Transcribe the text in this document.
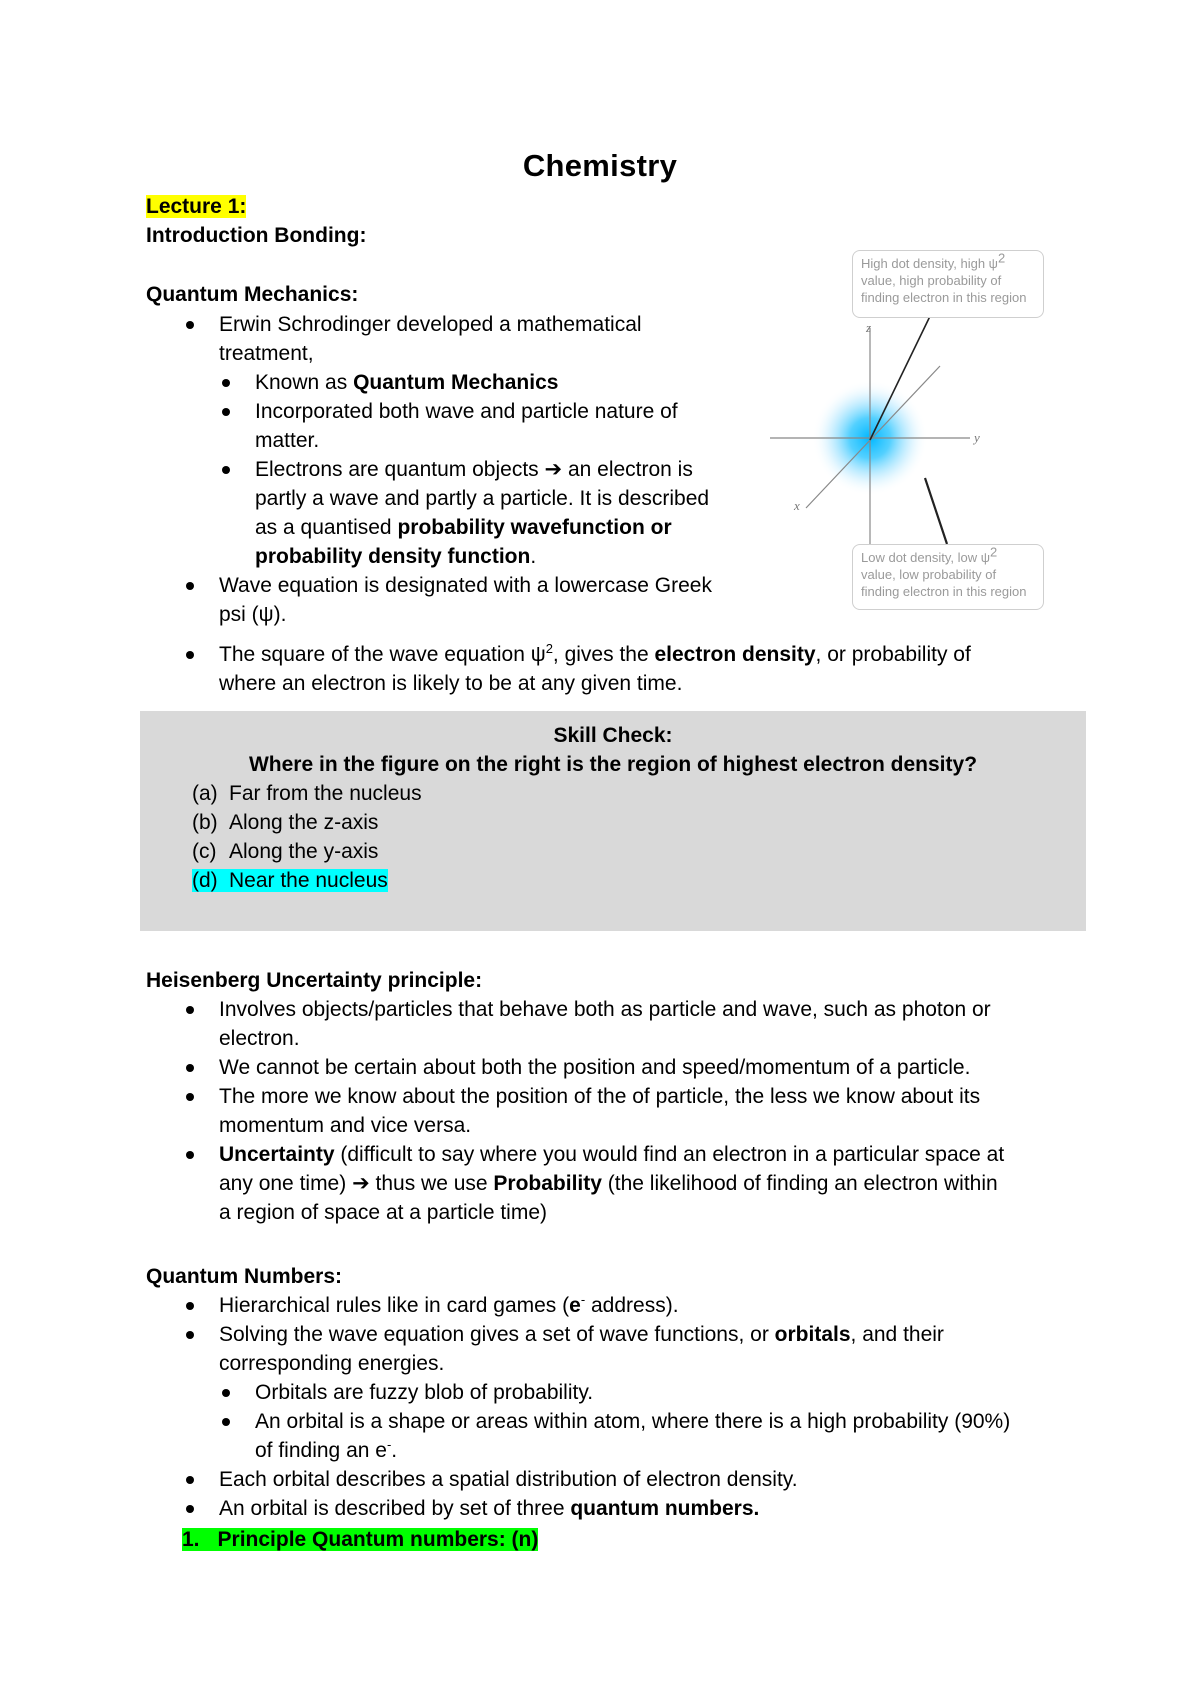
Chemistry
Lecture 1:
Introduction Bonding:
Quantum Mechanics:
Erwin Schrodinger developed a mathematical
treatment,
Known as Quantum Mechanics
Incorporated both wave and particle nature of
matter.
Electrons are quantum objects ➔ an electron is
partly a wave and partly a particle. It is described
as a quantised probability wavefunction or
probability density function.
Wave equation is designated with a lowercase Greek
psi (ψ).
The square of the wave equation $\psi^2$, gives the electron density, or probability of
where an electron is likely to be at any given time.
z
y
x
High dot density, high $\psi^2$
value, high probability of
finding electron in this region
Low dot density, low $\psi^2$
value, low probability of
finding electron in this region
Skill Check:
Where in the figure on the right is the region of highest electron density?
(a) Far from the nucleus
(b) Along the z-axis
(c) Along the y-axis
(d) Near the nucleus
Heisenberg Uncertainty principle:
Involves objects/particles that behave both as particle and wave, such as photon or
electron.
We cannot be certain about both the position and speed/momentum of a particle.
The more we know about the position of the of particle, the less we know about its
momentum and vice versa.
Uncertainty (difficult to say where you would find an electron in a particular space at
any one time) ➔ thus we use Probability (the likelihood of finding an electron within
a region of space at a particle time)
Quantum Numbers:
Hierarchical rules like in card games (e- address).
Solving the wave equation gives a set of wave functions, or orbitals, and their
corresponding energies.
Orbitals are fuzzy blob of probability.
An orbital is a shape or areas within atom, where there is a high probability (90%)
of finding an e-.
Each orbital describes a spatial distribution of electron density.
An orbital is described by set of three quantum numbers.
1. Principle Quantum numbers: (n)
